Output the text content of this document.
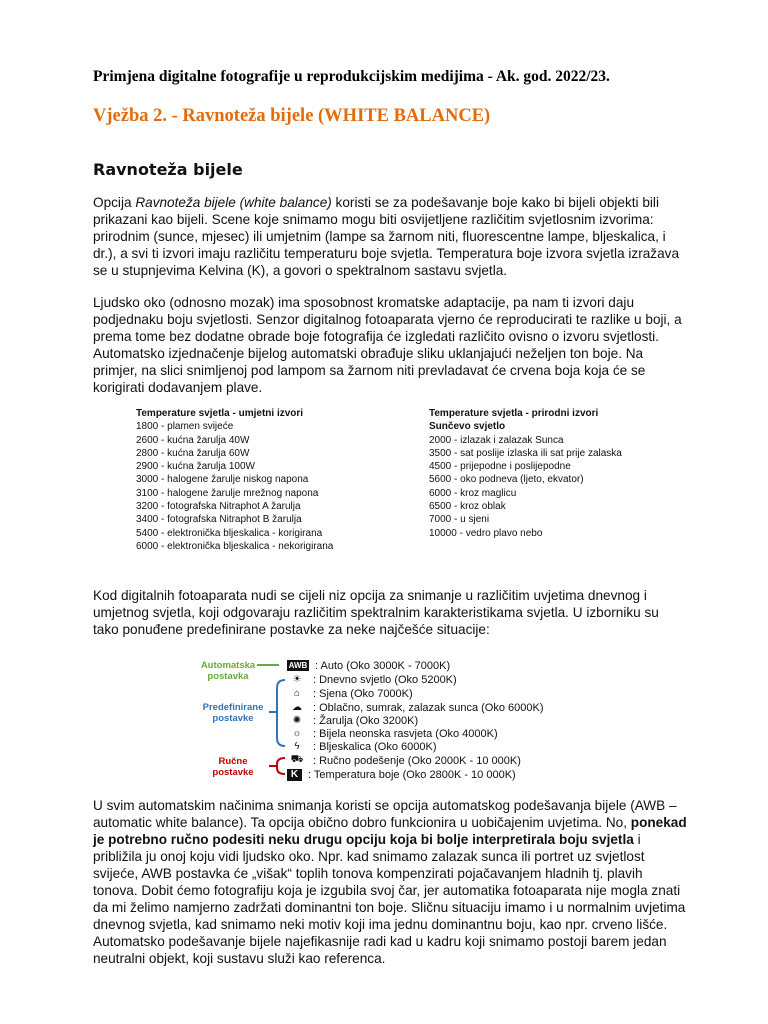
Primjena digitalne fotografije u reprodukcijskim medijima - Ak. god. 2022/23.
Vježba 2. - Ravnoteža bijele (WHITE BALANCE)
Ravnoteža bijele
Opcija Ravnoteža bijele (white balance) koristi se za podešavanje boje kako bi bijeli objekti bili prikazani kao bijeli. Scene koje snimamo mogu biti osvijetljene različitim svjetlosnim izvorima: prirodnim (sunce, mjesec) ili umjetnim (lampe sa žarnom niti, fluorescentne lampe, bljeskalica, i dr.), a svi ti izvori imaju različitu temperaturu boje svjetla. Temperatura boje izvora svjetla izražava se u stupnjevima Kelvina (K), a govori o spektralnom sastavu svjetla.
Ljudsko oko (odnosno mozak) ima sposobnost kromatske adaptacije, pa nam ti izvori daju podjednaku boju svjetlosti. Senzor digitalnog fotoaparata vjerno će reproducirati te razlike u boji, a prema tome bez dodatne obrade boje fotografija će izgledati različito ovisno o izvoru svjetlosti. Automatsko izjednačenje bijelog automatski obrađuje sliku uklanjajući neželjen ton boje. Na primjer, na slici snimljenoj pod lampom sa žarnom niti prevladavat će crvena boja koja će se korigirati dodavanjem plave.
Temperature svjetla - umjetni izvori
1800 - plamen svijeće
2600 - kućna žarulja 40W
2800 - kućna žarulja 60W
2900 - kućna žarulja 100W
3000 - halogene žarulje niskog napona
3100 - halogene žarulje mrežnog napona
3200 - fotografska Nitraphot A žarulja
3400 - fotografska Nitraphot B žarulja
5400 - elektronička bljeskalica - korigirana
6000 - elektronička bljeskalica - nekorigirana
Temperature svjetla - prirodni izvori
Sunčevo svjetlo
2000 - izlazak i zalazak Sunca
3500 - sat poslije izlaska ili sat prije zalaska
4500 - prijepodne i poslijepodne
5600 - oko podneva (ljeto, ekvator)
6000 - kroz maglicu
6500 - kroz oblak
7000 - u sjeni
10000 - vedro plavo nebo
Kod digitalnih fotoaparata nudi se cijeli niz opcija za snimanje u različitim uvjetima dnevnog i umjetnog svjetla, koji odgovaraju različitim spektralnim karakteristikama svjetla. U izborniku su tako ponuđene predefinirane postavke za neke najčešće situacije:
Automatska postavka
Predefinirane postavke
Ručne postavke
AWB : Auto (Oko 3000K - 7000K)
☀	: Dnevno svjetlo (Oko 5200K)
⌂	: Sjena (Oko 7000K)
☁	: Oblačno, sumrak, zalazak sunca (Oko 6000K)
✺	: Žarulja (Oko 3200K)
☼	: Bijela neonska rasvjeta (Oko 4000K)
ϟ	: Bljeskalica (Oko 6000K)
⛟ : Ručno podešenje (Oko 2000K - 10 000K)
K : Temperatura boje (Oko 2800K - 10 000K)
U svim automatskim načinima snimanja koristi se opcija automatskog podešavanja bijele (AWB – automatic white balance). Ta opcija obično dobro funkcionira u uobičajenim uvjetima. No, ponekad je potrebno ručno podesiti neku drugu opciju koja bi bolje interpretirala boju svjetla i približila ju onoj koju vidi ljudsko oko. Npr. kad snimamo zalazak sunca ili portret uz svjetlost svijeće, AWB postavka će „višak“ toplih tonova kompenzirati pojačavanjem hladnih tj. plavih tonova. Dobit ćemo fotografiju koja je izgubila svoj čar, jer automatika fotoaparata nije mogla znati da mi želimo namjerno zadržati dominantni ton boje. Sličnu situaciju imamo i u normalnim uvjetima dnevnog svjetla, kad snimamo neki motiv koji ima jednu dominantnu boju, kao npr. crveno lišće. Automatsko podešavanje bijele najefikasnije radi kad u kadru koji snimamo postoji barem jedan neutralni objekt, koji sustavu služi kao referenca.
